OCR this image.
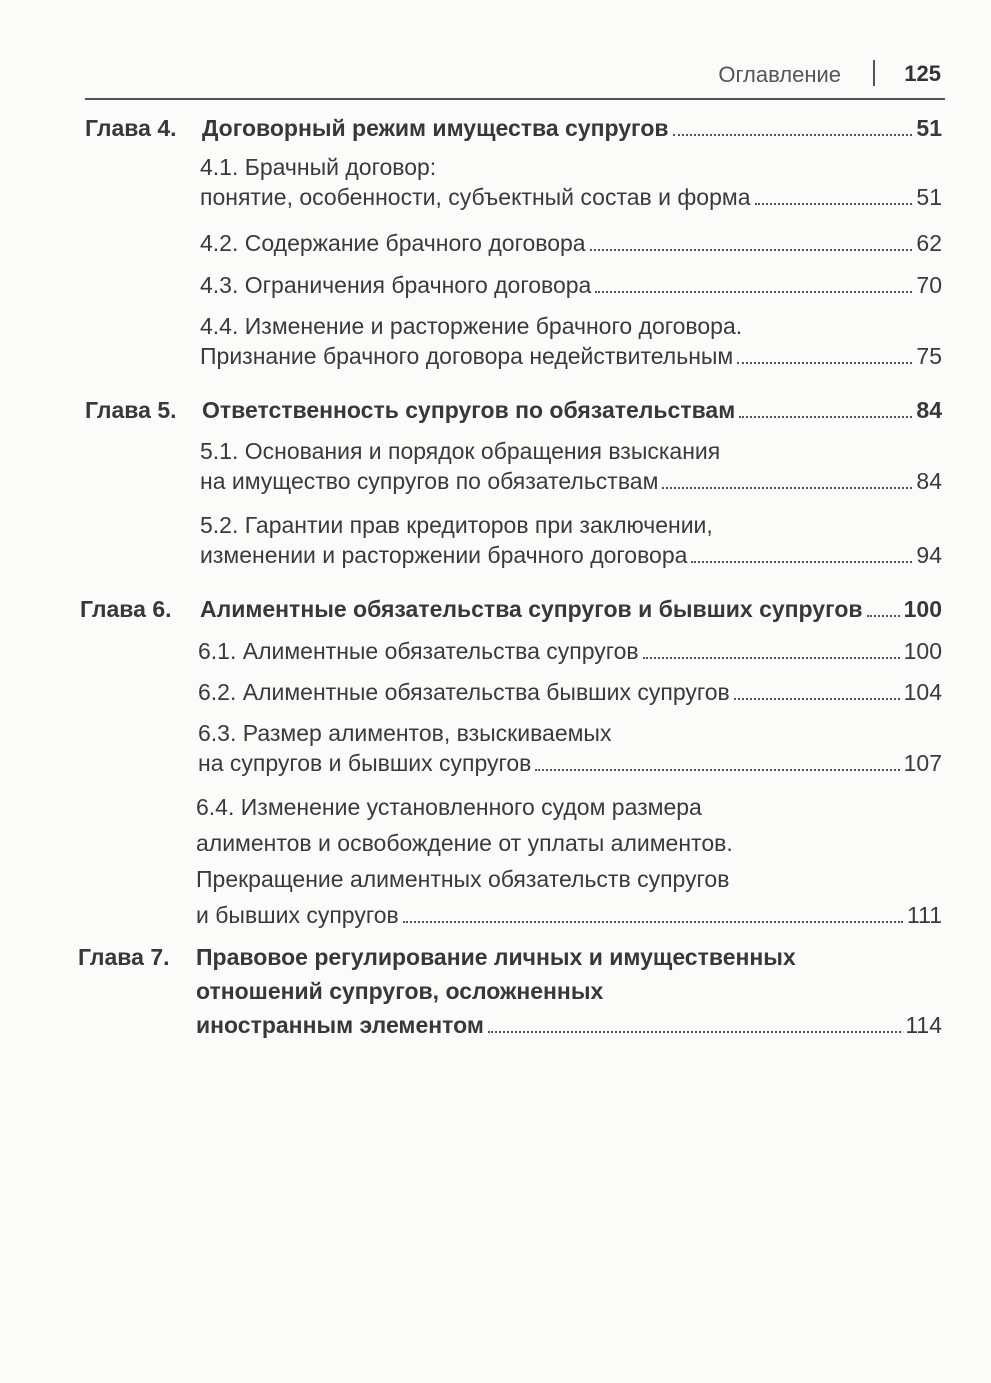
Оглавление	125
Глава 4. Договорный режим имущества супругов	51
4.1. Брачный договор:
понятие, особенности, субъектный состав и форма	51
4.2. Содержание брачного договора	62
4.3. Ограничения брачного договора	70
4.4. Изменение и расторжение брачного договора.
Признание брачного договора недействительным	75
Глава 5. Ответственность супругов по обязательствам	84
5.1. Основания и порядок обращения взыскания
на имущество супругов по обязательствам	84
5.2. Гарантии прав кредиторов при заключении,
изменении и расторжении брачного договора	94
Глава 6. Алиментные обязательства супругов и бывших супругов 100
6.1. Алиментные обязательства супругов	100
6.2. Алиментные обязательства бывших супругов	104
6.3. Размер алиментов, взыскиваемых
на супругов и бывших супругов	107
6.4. Изменение установленного судом размера
алиментов и освобождение от уплаты алиментов.
Прекращение алиментных обязательств супругов
и бывших супругов	111
Глава 7. Правовое регулирование личных и имущественных
отношений супругов, осложненных
иностранным элементом	114
